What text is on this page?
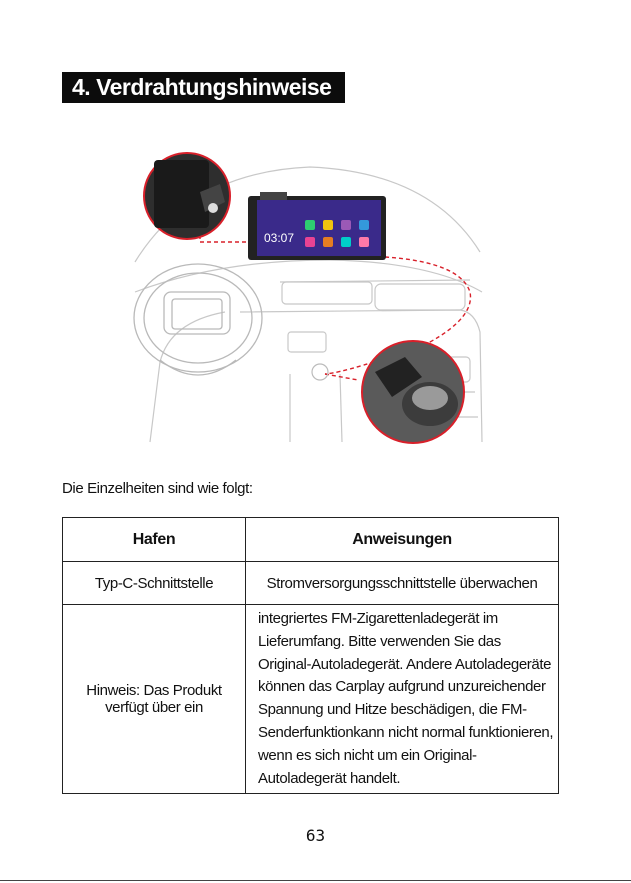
4. Verdrahtungshinweise
03:07
Die Einzelheiten sind wie folgt:
Hafen	Anweisungen
Typ-C-Schnittstelle	Stromversorgungsschnittstelle überwachen
Hinweis: Das Produkt verfügt über ein	integriertes FM-Zigarettenladegerät im Lieferumfang. Bitte verwenden Sie das Original-Autoladegerät. Andere Autoladegeräte können das Carplay aufgrund unzureichender Spannung und Hitze beschädigen, die FM-Senderfunktionkann nicht normal funktionieren, wenn es sich nicht um ein Original-Autoladegerät handelt.
63
